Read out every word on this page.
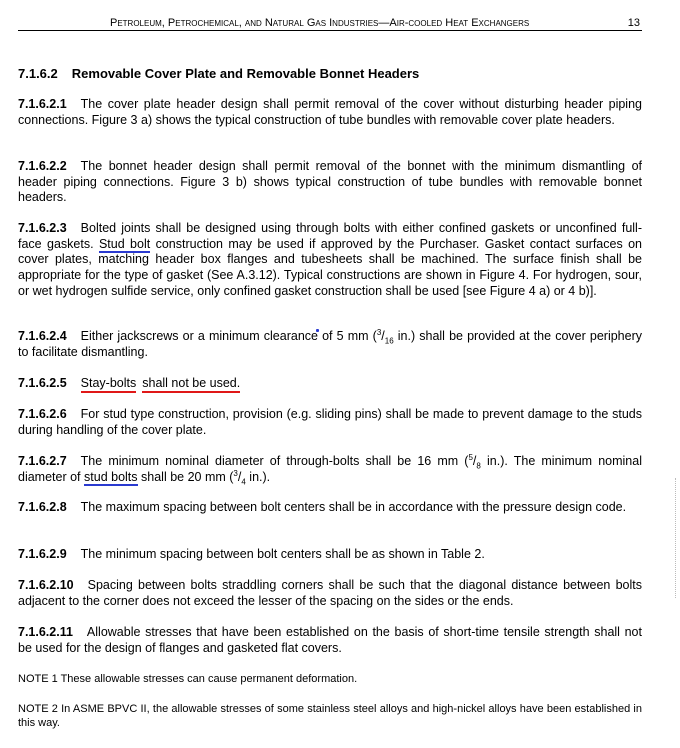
Petroleum, Petrochemical, and Natural Gas Industries—Air-cooled Heat Exchangers	13
7.1.6.2 Removable Cover Plate and Removable Bonnet Headers
7.1.6.2.1 The cover plate header design shall permit removal of the cover without disturbing header piping connections. Figure 3 a) shows the typical construction of tube bundles with removable cover plate headers.
7.1.6.2.2 The bonnet header design shall permit removal of the bonnet with the minimum dismantling of header piping connections. Figure 3 b) shows typical construction of tube bundles with removable bonnet headers.
7.1.6.2.3 Bolted joints shall be designed using through bolts with either confined gaskets or unconfined full-face gaskets. Stud bolt construction may be used if approved by the Purchaser. Gasket contact surfaces on cover plates, matching header box flanges and tubesheets shall be machined. The surface finish shall be appropriate for the type of gasket (See A.3.12). Typical constructions are shown in Figure 4. For hydrogen, sour, or wet hydrogen sulfide service, only confined gasket construction shall be used [see Figure 4 a) or 4 b)].
7.1.6.2.4 Either jackscrews or a minimum clearance of 5 mm ($^3/_{16}$ in.) shall be provided at the cover periphery to facilitate dismantling.
7.1.6.2.5 Stay-bolts shall not be used.
7.1.6.2.6 For stud type construction, provision (e.g. sliding pins) shall be made to prevent damage to the studs during handling of the cover plate.
7.1.6.2.7 The minimum nominal diameter of through-bolts shall be 16 mm ($^5/_8$ in.). The minimum nominal diameter of stud bolts shall be 20 mm ($^3/_4$ in.).
7.1.6.2.8 The maximum spacing between bolt centers shall be in accordance with the pressure design code.
7.1.6.2.9 The minimum spacing between bolt centers shall be as shown in Table 2.
7.1.6.2.10 Spacing between bolts straddling corners shall be such that the diagonal distance between bolts adjacent to the corner does not exceed the lesser of the spacing on the sides or the ends.
7.1.6.2.11 Allowable stresses that have been established on the basis of short-time tensile strength shall not be used for the design of flanges and gasketed flat covers.
NOTE 1 These allowable stresses can cause permanent deformation.
NOTE 2 In ASME BPVC II, the allowable stresses of some stainless steel alloys and high-nickel alloys have been established in this way.
